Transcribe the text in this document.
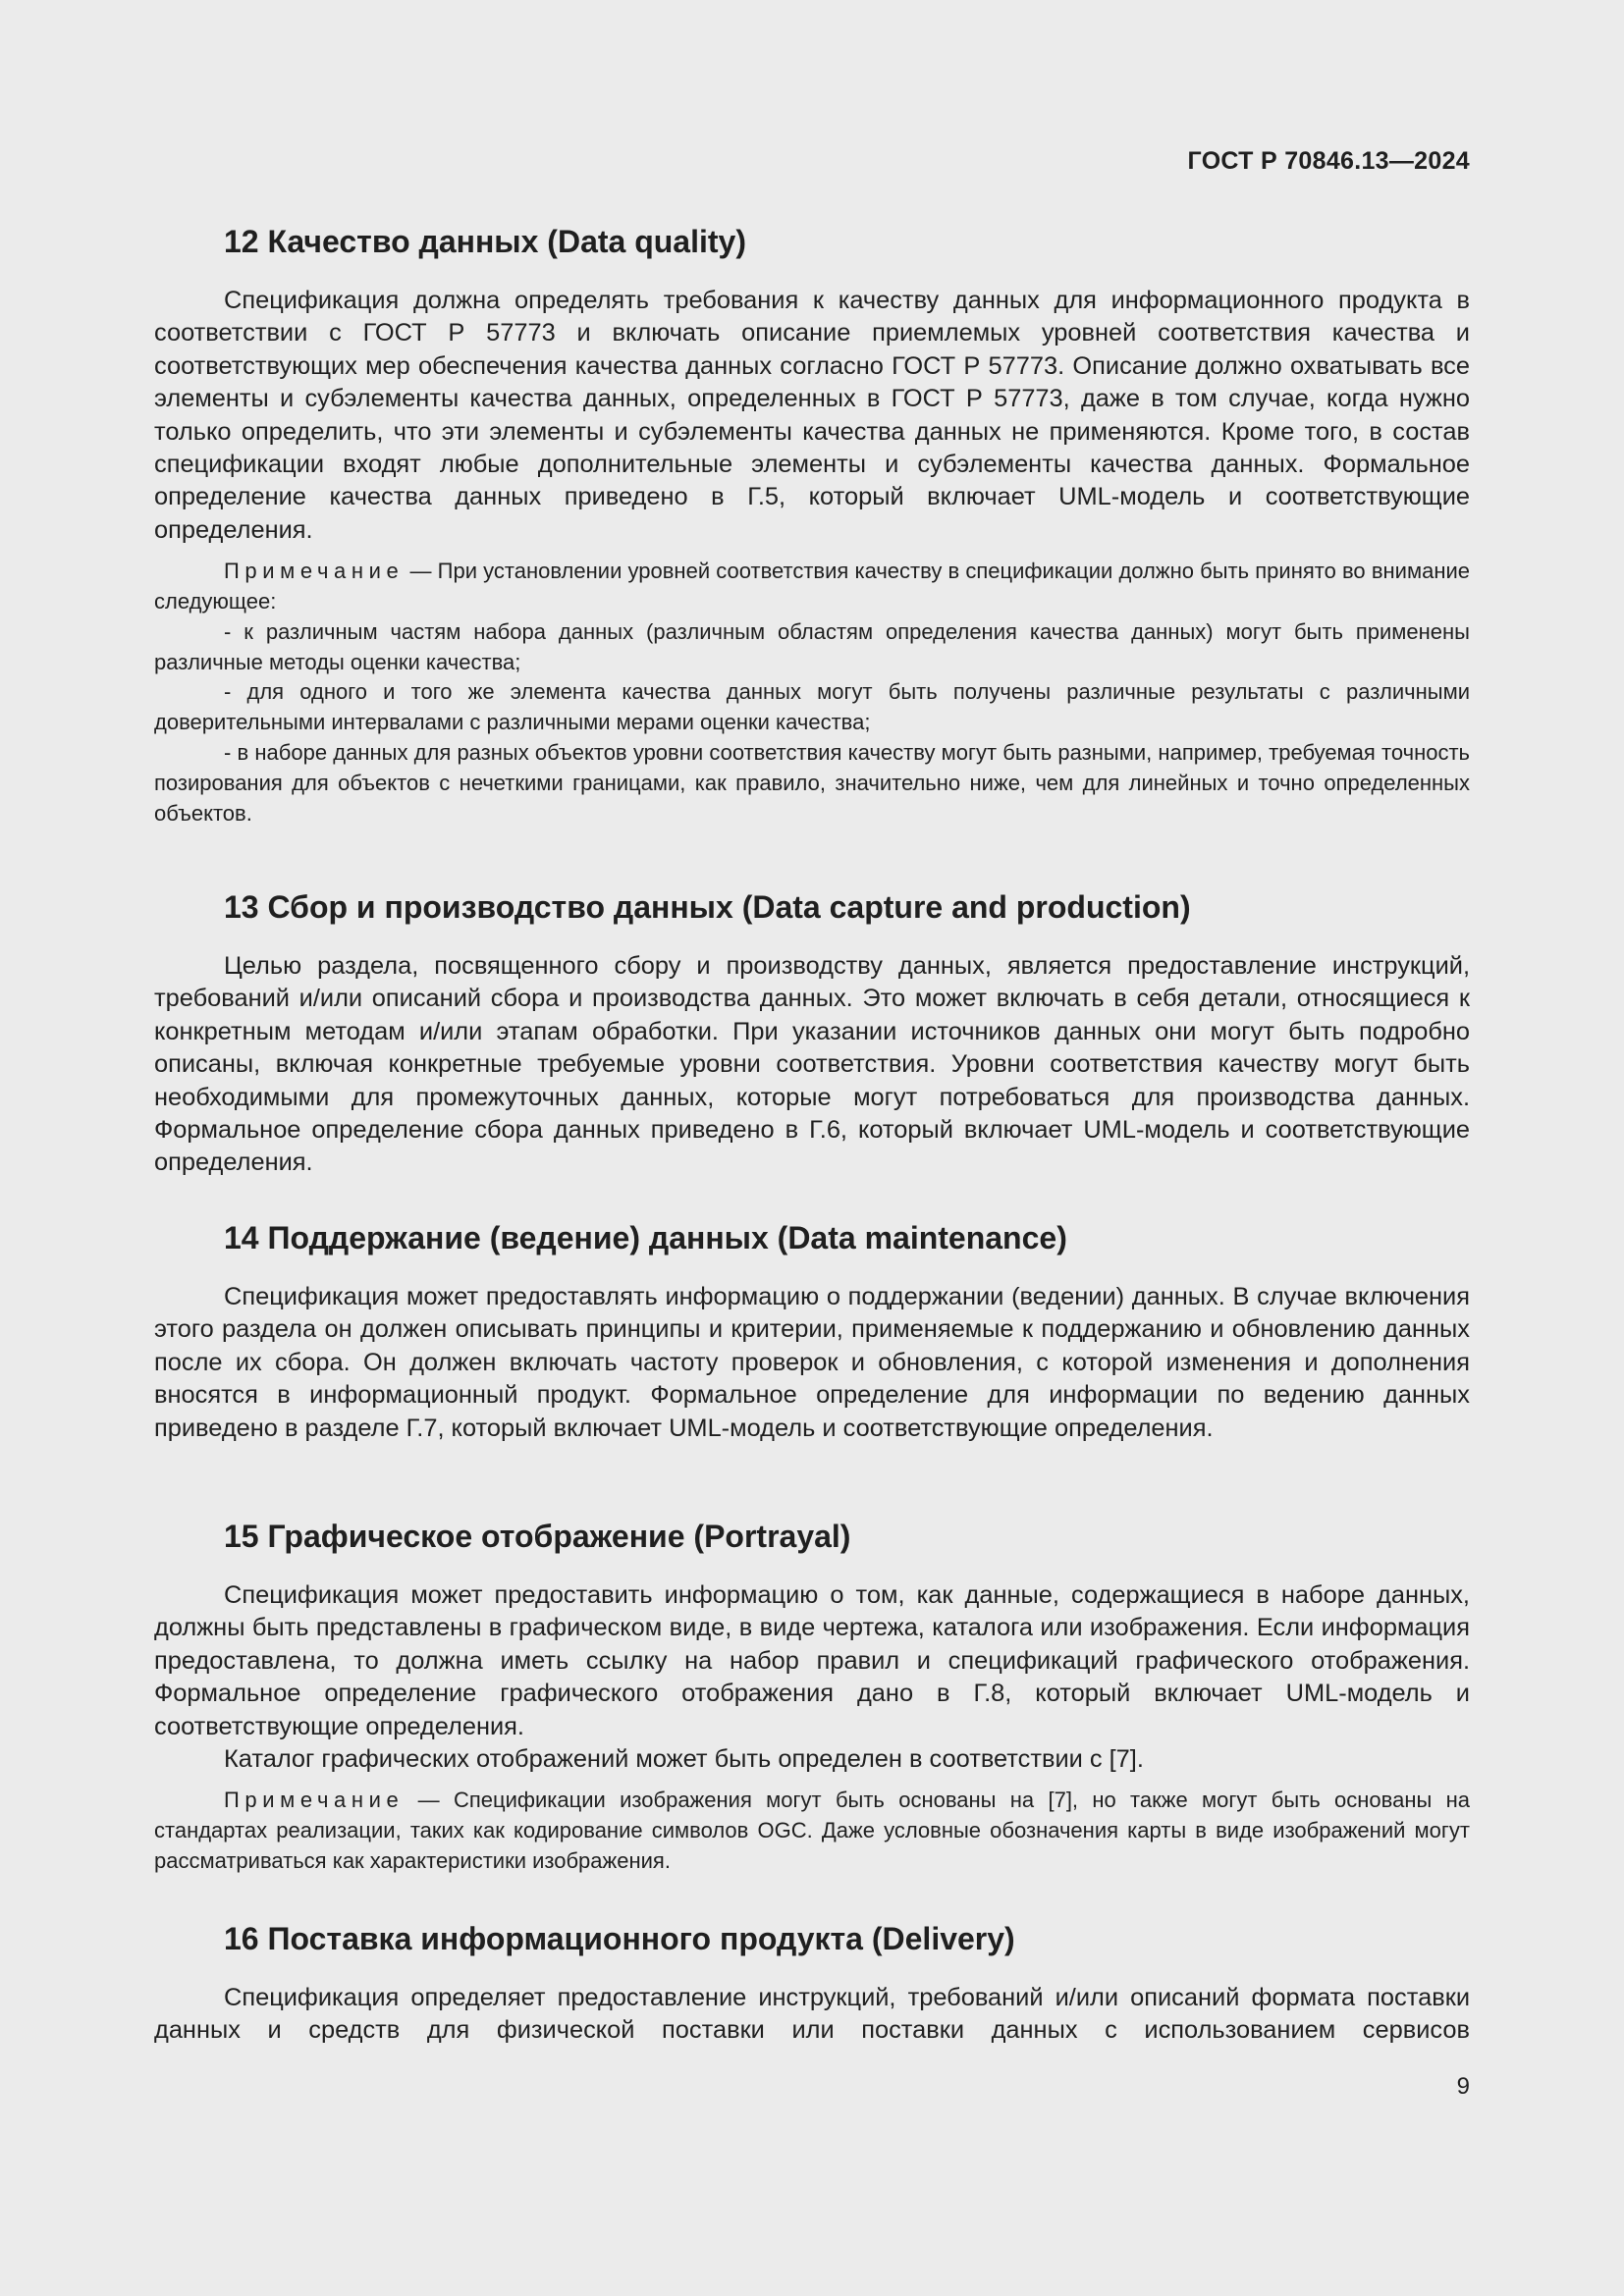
ГОСТ Р 70846.13—2024
12 Качество данных (Data quality)

Спецификация должна определять требования к качеству данных для информационного продукта в соответствии с ГОСТ Р 57773 и включать описание приемлемых уровней соответствия качества и соответствующих мер обеспечения качества данных согласно ГОСТ Р 57773. Описание должно охватывать все элементы и субэлементы качества данных, определенных в ГОСТ Р 57773, даже в том случае, когда нужно только определить, что эти элементы и субэлементы качества данных не применяются. Кроме того, в состав спецификации входят любые дополнительные элементы и субэлементы качества данных. Формальное определение качества данных приведено в Г.5, который включает UML-модель и соответствующие определения.

Примечание — При установлении уровней соответствия качеству в спецификации должно быть принято во внимание следующее:

- к различным частям набора данных (различным областям определения качества данных) могут быть применены различные методы оценки качества;

- для одного и того же элемента качества данных могут быть получены различные результаты с различными доверительными интервалами с различными мерами оценки качества;

- в наборе данных для разных объектов уровни соответствия качеству могут быть разными, например, требуемая точность позирования для объектов с нечеткими границами, как правило, значительно ниже, чем для линейных и точно определенных объектов.

13 Сбор и производство данных (Data capture and production)

Целью раздела, посвященного сбору и производству данных, является предоставление инструкций, требований и/или описаний сбора и производства данных. Это может включать в себя детали, относящиеся к конкретным методам и/или этапам обработки. При указании источников данных они могут быть подробно описаны, включая конкретные требуемые уровни соответствия. Уровни соответствия качеству могут быть необходимыми для промежуточных данных, которые могут потребоваться для производства данных. Формальное определение сбора данных приведено в Г.6, который включает UML-модель и соответствующие определения.

14 Поддержание (ведение) данных (Data maintenance)

Спецификация может предоставлять информацию о поддержании (ведении) данных. В случае включения этого раздела он должен описывать принципы и критерии, применяемые к поддержанию и обновлению данных после их сбора. Он должен включать частоту проверок и обновления, с которой изменения и дополнения вносятся в информационный продукт. Формальное определение для информации по ведению данных приведено в разделе Г.7, который включает UML-модель и соответствующие определения.

15 Графическое отображение (Portrayal)

Спецификация может предоставить информацию о том, как данные, содержащиеся в наборе данных, должны быть представлены в графическом виде, в виде чертежа, каталога или изображения. Если информация предоставлена, то должна иметь ссылку на набор правил и спецификаций графического отображения. Формальное определение графического отображения дано в Г.8, который включает UML-модель и соответствующие определения.

Каталог графических отображений может быть определен в соответствии с [7].

Примечание — Спецификации изображения могут быть основаны на [7], но также могут быть основаны на стандартах реализации, таких как кодирование символов OGC. Даже условные обозначения карты в виде изображений могут рассматриваться как характеристики изображения.

16 Поставка информационного продукта (Delivery)

Спецификация определяет предоставление инструкций, требований и/или описаний формата поставки данных и средств для физической поставки или поставки данных с использованием сервисов

9
